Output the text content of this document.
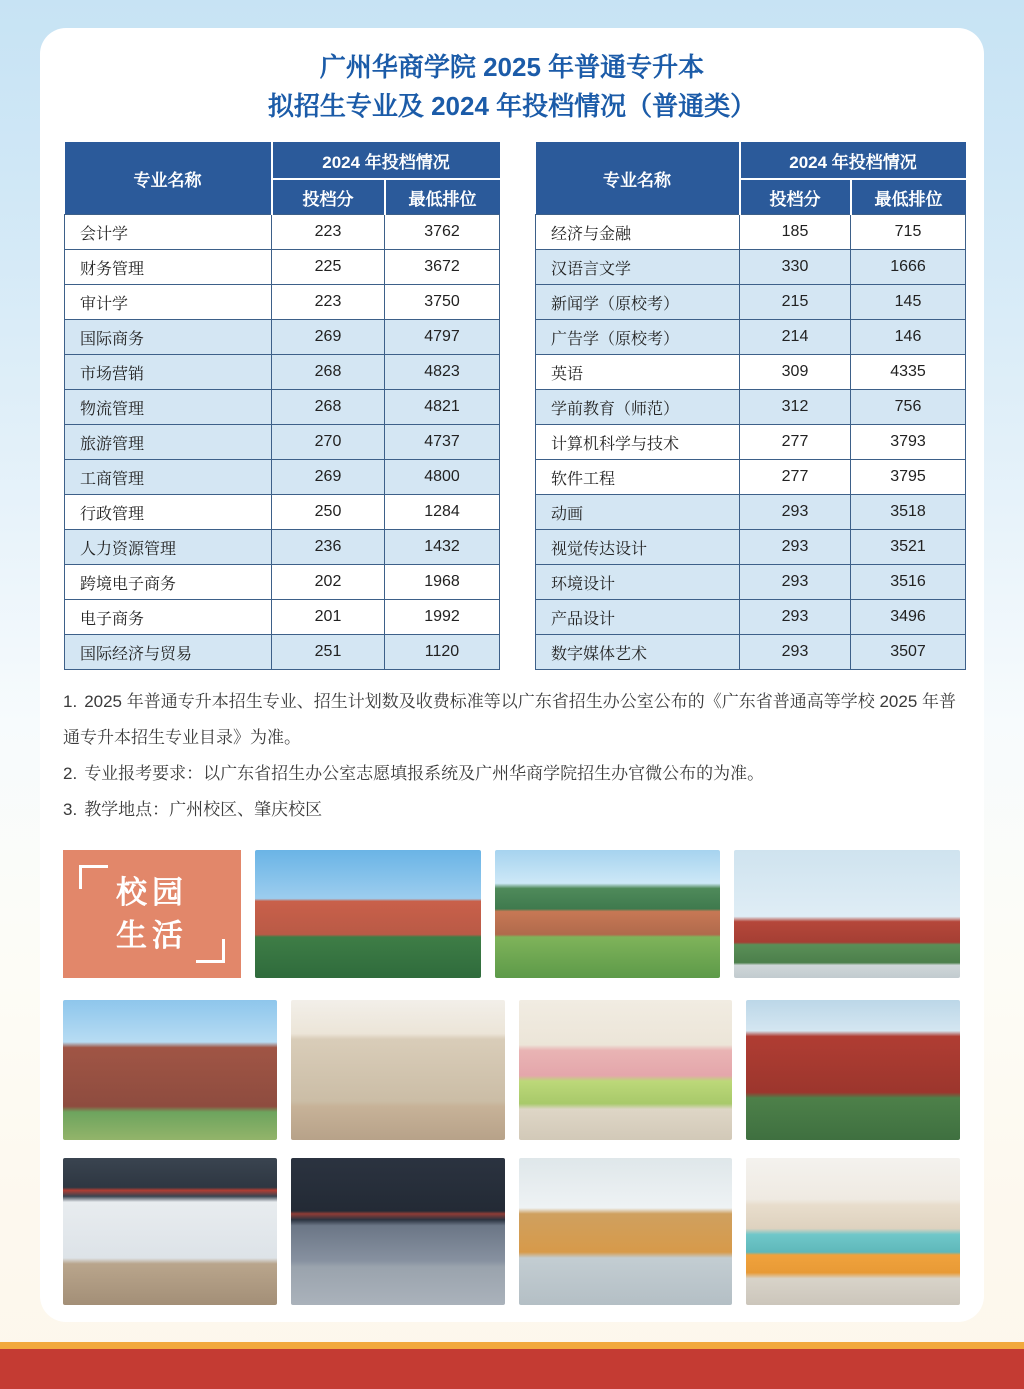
广州华商学院 2025 年普通专升本
拟招生专业及 2024 年投档情况（普通类）
专业名称	2024 年投档情况	
	投档分	最低排位
会计学	223	3762
财务管理	225	3672
审计学	223	3750
国际商务	269	4797
市场营销	268	4823
物流管理	268	4821
旅游管理	270	4737
工商管理	269	4800
行政管理	250	1284
人力资源管理	236	1432
跨境电子商务	202	1968
电子商务	201	1992
国际经济与贸易	251	1120
专业名称	2024 年投档情况	
	投档分	最低排位
经济与金融	185	715
汉语言文学	330	1666
新闻学（原校考）	215	145
广告学（原校考）	214	146
英语	309	4335
学前教育（师范）	312	756
计算机科学与技术	277	3793
软件工程	277	3795
动画	293	3518
视觉传达设计	293	3521
环境设计	293	3516
产品设计	293	3496
数字媒体艺术	293	3507

1. 2025 年普通专升本招生专业、招生计划数及收费标准等以广东省招生办公室公布的《广东省普通高等学校 2025 年普通专升本招生专业目录》为准。

2. 专业报考要求：以广东省招生办公室志愿填报系统及广州华商学院招生办官微公布的为准。

3. 教学地点：广州校区、肇庆校区

校园
生活
